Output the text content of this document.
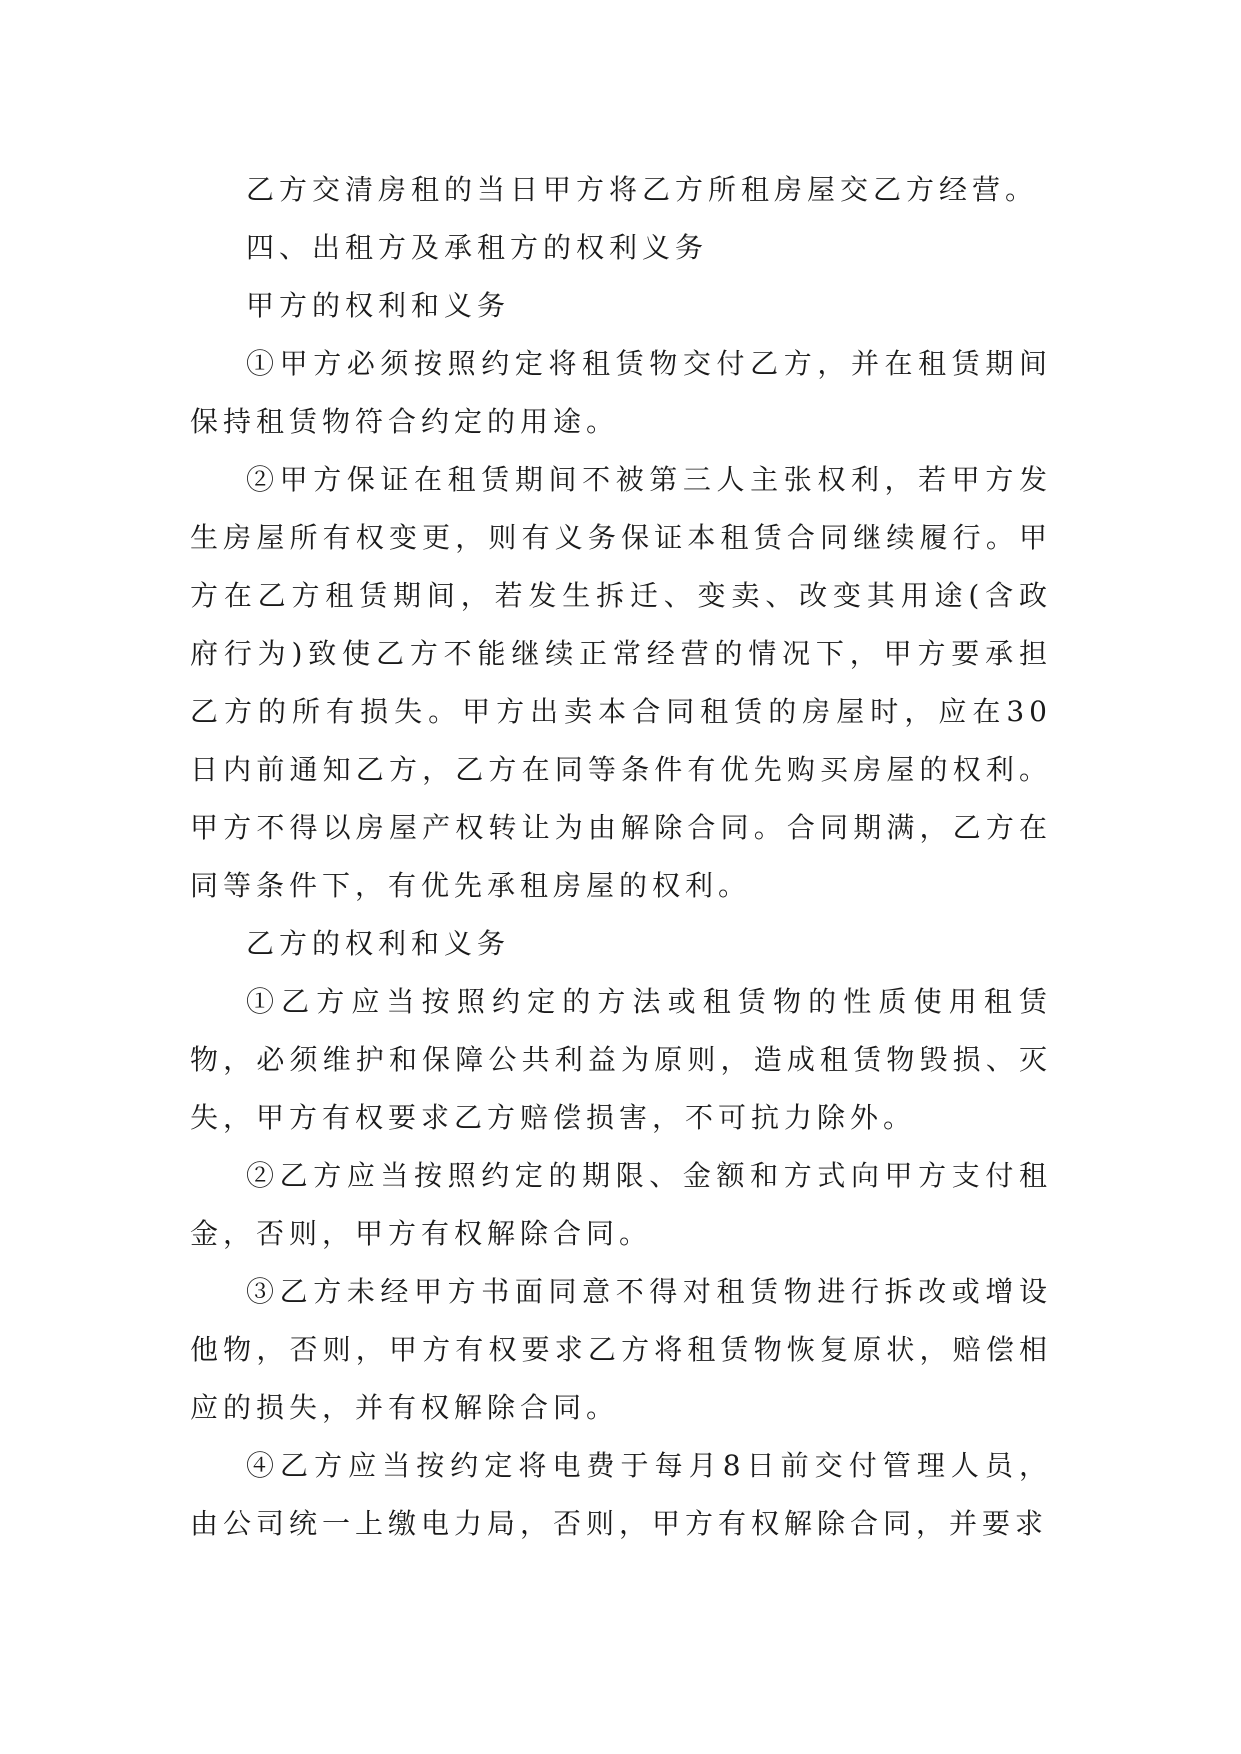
乙方交清房租的当日甲方将乙方所租房屋交乙方经营。

四、出租方及承租方的权利义务

甲方的权利和义务

①甲方必须按照约定将租赁物交付乙方，并在租赁期间保持租赁物符合约定的用途。

②甲方保证在租赁期间不被第三人主张权利，若甲方发生房屋所有权变更，则有义务保证本租赁合同继续履行。甲方在乙方租赁期间，若发生拆迁、变卖、改变其用途(含政府行为)致使乙方不能继续正常经营的情况下，甲方要承担乙方的所有损失。甲方出卖本合同租赁的房屋时，应在30日内前通知乙方，乙方在同等条件有优先购买房屋的权利。甲方不得以房屋产权转让为由解除合同。合同期满，乙方在同等条件下，有优先承租房屋的权利。

乙方的权利和义务

①乙方应当按照约定的方法或租赁物的性质使用租赁物，必须维护和保障公共利益为原则，造成租赁物毁损、灭失，甲方有权要求乙方赔偿损害，不可抗力除外。

②乙方应当按照约定的期限、金额和方式向甲方支付租金，否则，甲方有权解除合同。

③乙方未经甲方书面同意不得对租赁物进行拆改或增设他物，否则，甲方有权要求乙方将租赁物恢复原状，赔偿相应的损失，并有权解除合同。

④乙方应当按约定将电费于每月8日前交付管理人员，由公司统一上缴电力局，否则，甲方有权解除合同，并要求
